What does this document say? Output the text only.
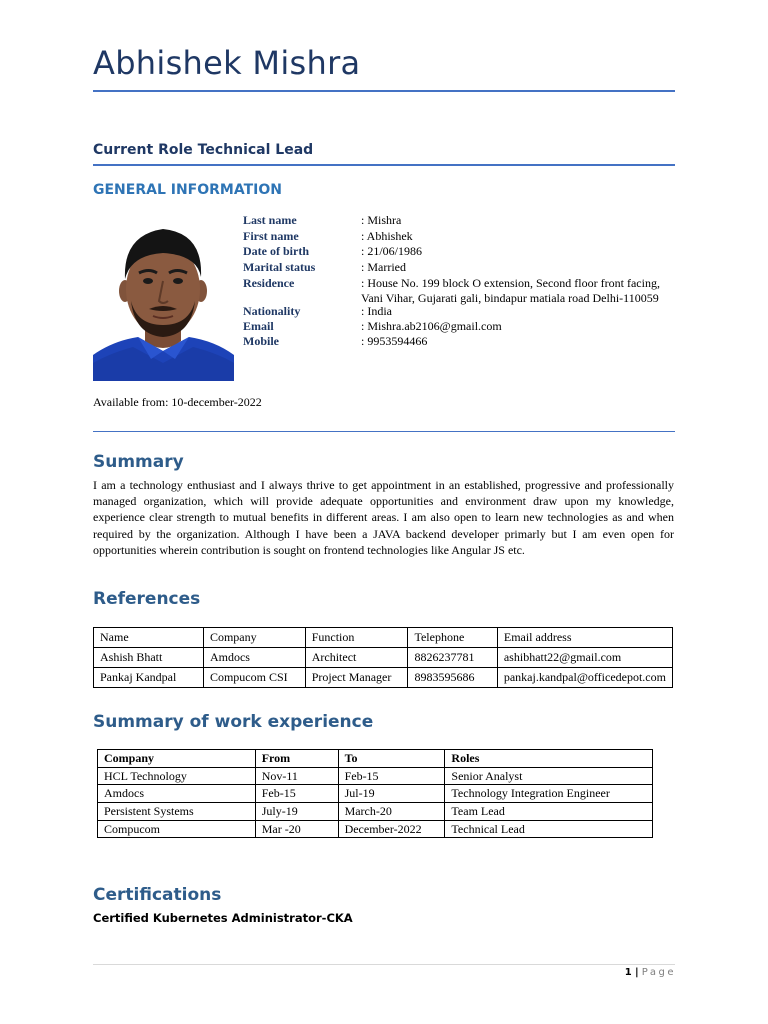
Abhishek Mishra
Current Role Technical Lead
GENERAL INFORMATION
Last name	: Mishra
First name	: Abhishek
Date of birth	: 21/06/1986
Marital status	: Married
Residence	: House No. 199 block O extension, Second floor front facing,
Vani Vihar, Gujarati gali, bindapur matiala road Delhi-110059
Nationality	: India
Email	: Mishra.ab2106@gmail.com
Mobile	: 9953594466
Available from: 10-december-2022
Summary
I am a technology enthusiast and I always thrive to get appointment in an established, progressive and professionally managed organization, which will provide adequate opportunities and environment draw upon my knowledge, experience clear strength to mutual benefits in different areas. I am also open to learn new technologies as and when required by the organization. Although I have been a JAVA backend developer primarly but I am even open for opportunities wherein contribution is sought on frontend technologies like Angular JS etc.
References
Name	Company	Function	Telephone	Email address
Ashish Bhatt	Amdocs	Architect	8826237781	ashibhatt22@gmail.com
Pankaj Kandpal	Compucom CSI	Project Manager	8983595686	pankaj.kandpal@officedepot.com
Summary of work experience
Company	From	To	Roles
HCL Technology	Nov-11	Feb-15	Senior Analyst
Amdocs	Feb-15	Jul-19	Technology Integration Engineer
Persistent Systems	July-19	March-20	Team Lead
Compucom	Mar -20	December-2022	Technical Lead
Certifications
Certified Kubernetes Administrator-CKA
1 | Page
